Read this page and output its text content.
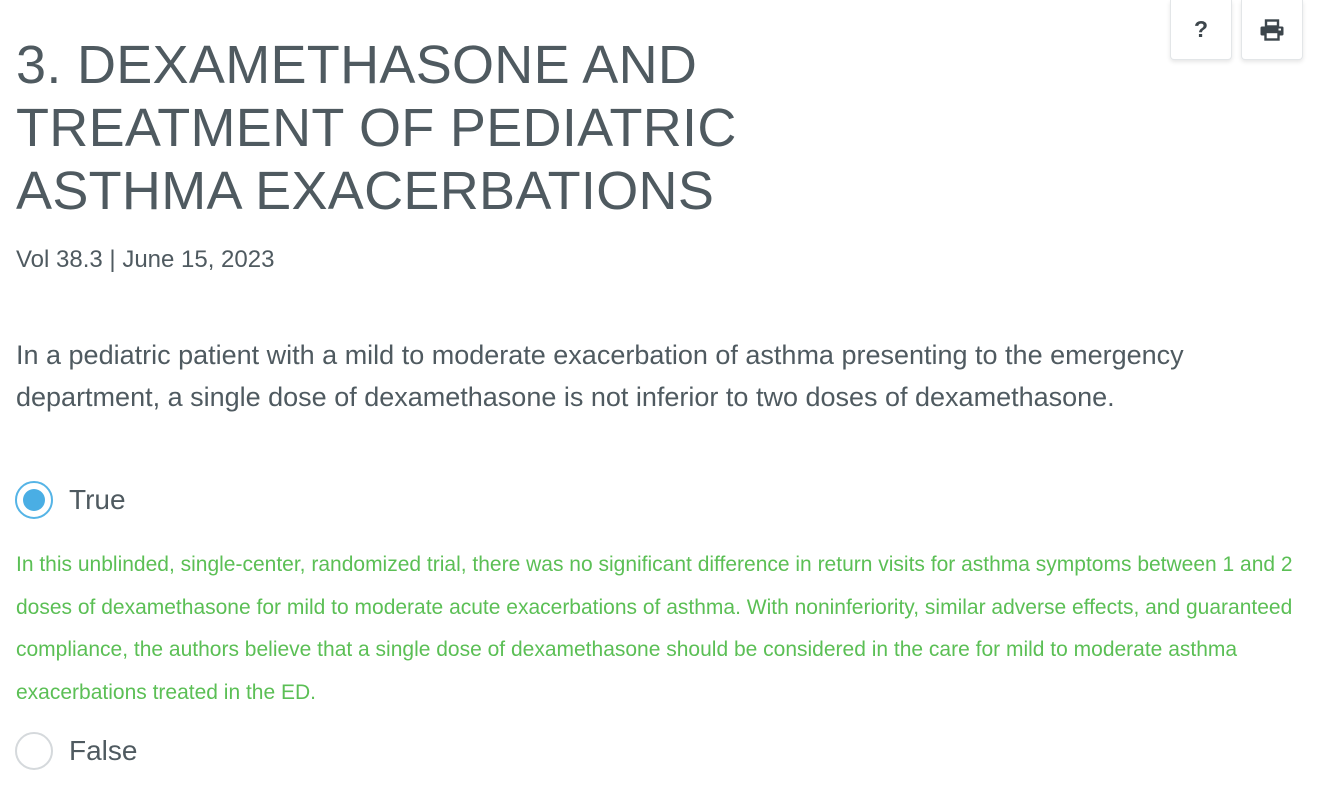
?
3. DEXAMETHASONE AND TREATMENT OF PEDIATRIC ASTHMA EXACERBATIONS

Vol 38.3 | June 15, 2023

In a pediatric patient with a mild to moderate exacerbation of asthma presenting to the emergency department, a single dose of dexamethasone is not inferior to two doses of dexamethasone.

True

In this unblinded, single-center, randomized trial, there was no significant difference in return visits for asthma symptoms between 1 and 2 doses of dexamethasone for mild to moderate acute exacerbations of asthma. With noninferiority, similar adverse effects, and guaranteed compliance, the authors believe that a single dose of dexamethasone should be considered in the care for mild to moderate asthma exacerbations treated in the ED.

False
